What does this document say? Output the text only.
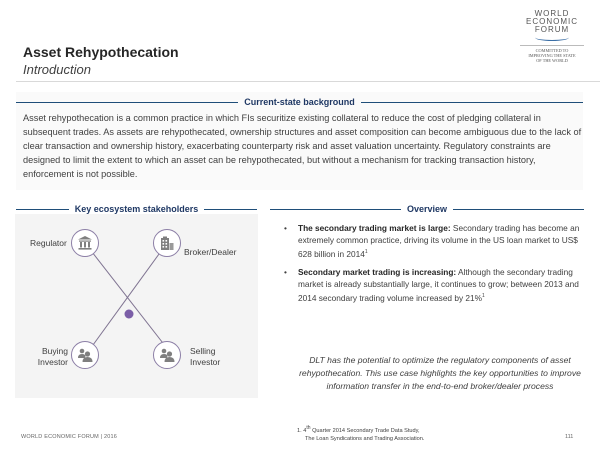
Asset Rehypothecation
Introduction
WORLD
ECONOMIC
FORUM
COMMITTED TO
IMPROVING THE STATE
OF THE WORLD
Current-state background
Asset rehypothecation is a common practice in which FIs securitize existing collateral to reduce the cost of pledging collateral in subsequent trades. As assets are rehypothecated, ownership structures and asset composition can become ambiguous due to the lack of clear transaction and ownership history, exacerbating counterparty risk and asset valuation uncertainty. Regulatory constraints are designed to limit the extent to which an asset can be rehypothecated, but without a mechanism for tracking transaction history, enforcement is not possible.
Key ecosystem stakeholders
Regulator
Broker/Dealer
Buying
Investor
Selling
Investor
Overview
•	The secondary trading market is large: Secondary trading has become an extremely common practice, driving its volume in the US loan market to US$ 628 billion in 2014$^1$
•	Secondary market trading is increasing: Although the secondary trading market is already substantially large, it continues to grow; between 2013 and 2014 secondary trading volume increased by 21%$^1$
DLT has the potential to optimize the regulatory components of asset rehypothecation. This use case highlights the key opportunities to improve information transfer in the end-to-end broker/dealer process
1. 4th Quarter 2014 Secondary Trade Data Study,
The Loan Syndications and Trading Association.
WORLD ECONOMIC FORUM | 2016	111
